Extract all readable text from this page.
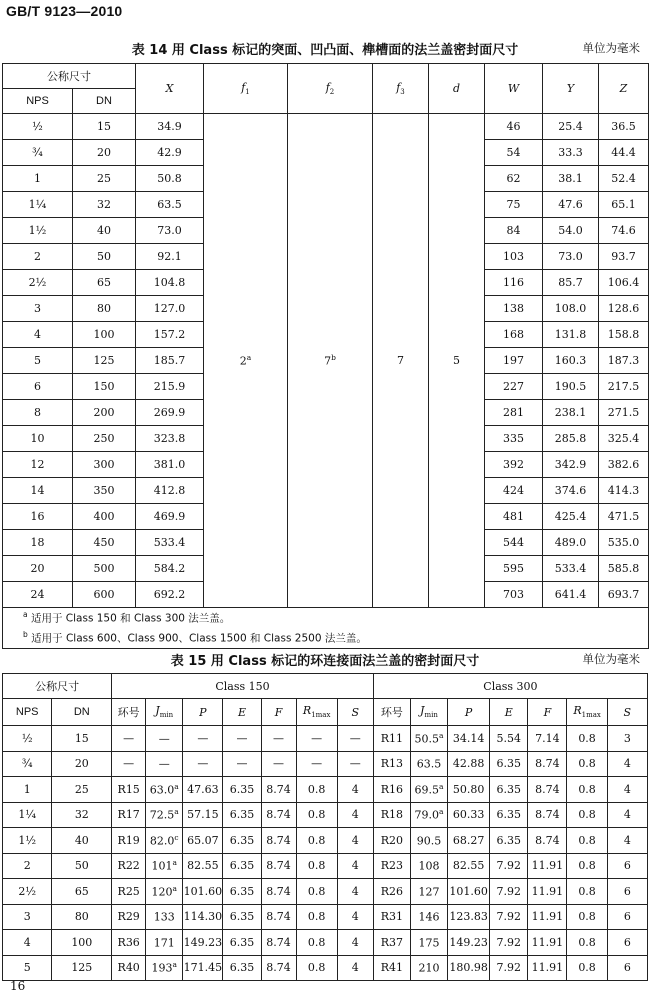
GB/T 9123—2010
表 14 用 Class 标记的突面、凹凸面、榫槽面的法兰盖密封面尺寸	单位为毫米
公称尺寸		X	$f_1$	$f_2$	$f_3$	d	W	Y	Z	
NPS	DN									
½	15	34.9	2$^a$	7$^b$	7	5	46	25.4	36.5	
¾	20	42.9					54	33.3	44.4	
1	25	50.8					62	38.1	52.4	
1¼	32	63.5					75	47.6	65.1	
1½	40	73.0					84	54.0	74.6	
2	50	92.1					103	73.0	93.7	
2½	65	104.8					116	85.7	106.4	
3	80	127.0					138	108.0	128.6	
4	100	157.2					168	131.8	158.8	
5	125	185.7					197	160.3	187.3	
6	150	215.9					227	190.5	217.5	
8	200	269.9					281	238.1	271.5	
10	250	323.8					335	285.8	325.4	
12	300	381.0					392	342.9	382.6	
14	350	412.8					424	374.6	414.3	
16	400	469.9					481	425.4	471.5	
18	450	533.4					544	489.0	535.0	
20	500	584.2					595	533.4	585.8	
24	600	692.2					703	641.4	693.7	
$^a$ 适用于 Class 150 和 Class 300 法兰盖。										
$^b$ 适用于 Class 600、Class 900、Class 1500 和 Class 2500 法兰盖。										
表 15 用 Class 标记的环连接面法兰盖的密封面尺寸	单位为毫米
公称尺寸		Class 150							Class 300						
NPS	DN	环号	$J_{min}$	P	E	F	$R_{1max}$	S	环号	$J_{min}$	P	E	F	$R_{1max}$	S
½	15	—	—	—	—	—	—	—	R11	50.5$^a$	34.14	5.54	7.14	0.8	3
¾	20	—	—	—	—	—	—	—	R13	63.5	42.88	6.35	8.74	0.8	4
1	25	R15	63.0$^a$	47.63	6.35	8.74	0.8	4	R16	69.5$^a$	50.80	6.35	8.74	0.8	4
1¼	32	R17	72.5$^a$	57.15	6.35	8.74	0.8	4	R18	79.0$^a$	60.33	6.35	8.74	0.8	4
1½	40	R19	82.0$^c$	65.07	6.35	8.74	0.8	4	R20	90.5	68.27	6.35	8.74	0.8	4
2	50	R22	101$^a$	82.55	6.35	8.74	0.8	4	R23	108	82.55	7.92	11.91	0.8	6
2½	65	R25	120$^a$	101.60	6.35	8.74	0.8	4	R26	127	101.60	7.92	11.91	0.8	6
3	80	R29	133	114.30	6.35	8.74	0.8	4	R31	146	123.83	7.92	11.91	0.8	6
4	100	R36	171	149.23	6.35	8.74	0.8	4	R37	175	149.23	7.92	11.91	0.8	6
5	125	R40	193$^a$	171.45	6.35	8.74	0.8	4	R41	210	180.98	7.92	11.91	0.8	6
16
